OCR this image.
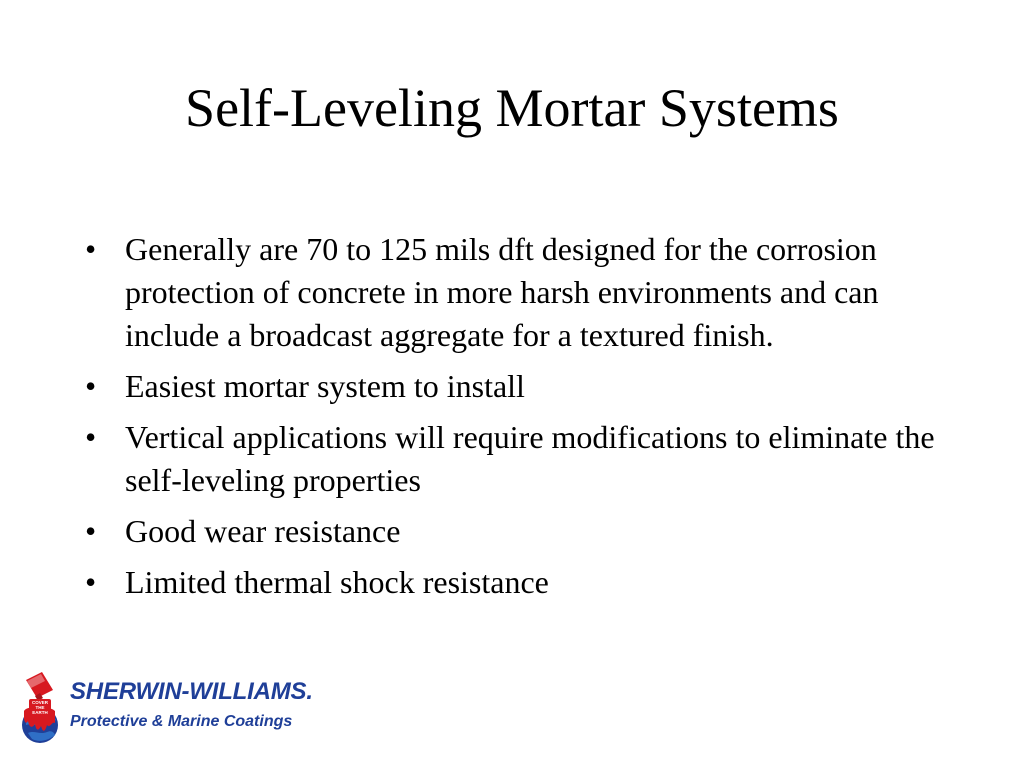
Self-Leveling Mortar Systems
• Generally are 70 to 125 mils dft designed for the corrosion protection of concrete in more harsh environments and can include a broadcast aggregate for a textured finish.
• Easiest mortar system to install
• Vertical applications will require modifications to eliminate the self-leveling properties
• Good wear resistance
• Limited thermal shock resistance
COVER
THE
EARTH
SHERWIN-WILLIAMS.
Protective & Marine Coatings
